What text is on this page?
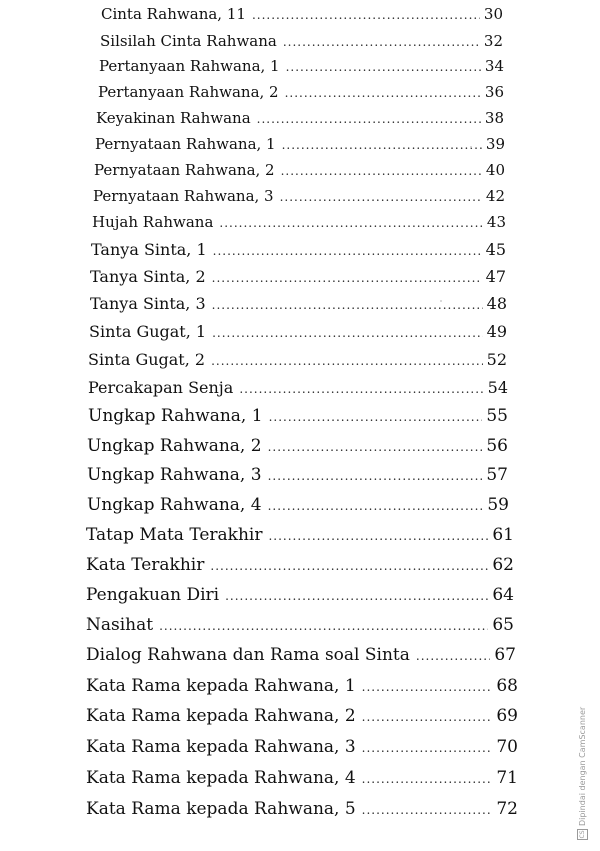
Cinta Rahwana, 11 .....	30
Silsilah Cinta Rahwana .....	32
Pertanyaan Rahwana, 1 .....	34
Pertanyaan Rahwana, 2 .....	36
Keyakinan Rahwana .....	38
Pernyataan Rahwana, 1 .....	39
Pernyataan Rahwana, 2 .....	40
Pernyataan Rahwana, 3 .....	42
Hujah Rahwana .....	43
Tanya Sinta, 1 .....	45
Tanya Sinta, 2 .....	47
Tanya Sinta, 3 .....	48
Sinta Gugat, 1 .....	49
Sinta Gugat, 2 .....	52
Percakapan Senja .....	54
Ungkap Rahwana, 1 .....	55
Ungkap Rahwana, 2 .....	56
Ungkap Rahwana, 3 .....	57
Ungkap Rahwana, 4 .....	59
Tatap Mata Terakhir .....	61
Kata Terakhir .....	62
Pengakuan Diri .....	64
Nasihat .....	65
Dialog Rahwana dan Rama soal Sinta .....	67
Kata Rama kepada Rahwana, 1 .....	68
Kata Rama kepada Rahwana, 2 .....	69
Kata Rama kepada Rahwana, 3 .....	70
Kata Rama kepada Rahwana, 4 .....	71
Kata Rama kepada Rahwana, 5 .....	72
CS
Dipindai dengan CamScanner
